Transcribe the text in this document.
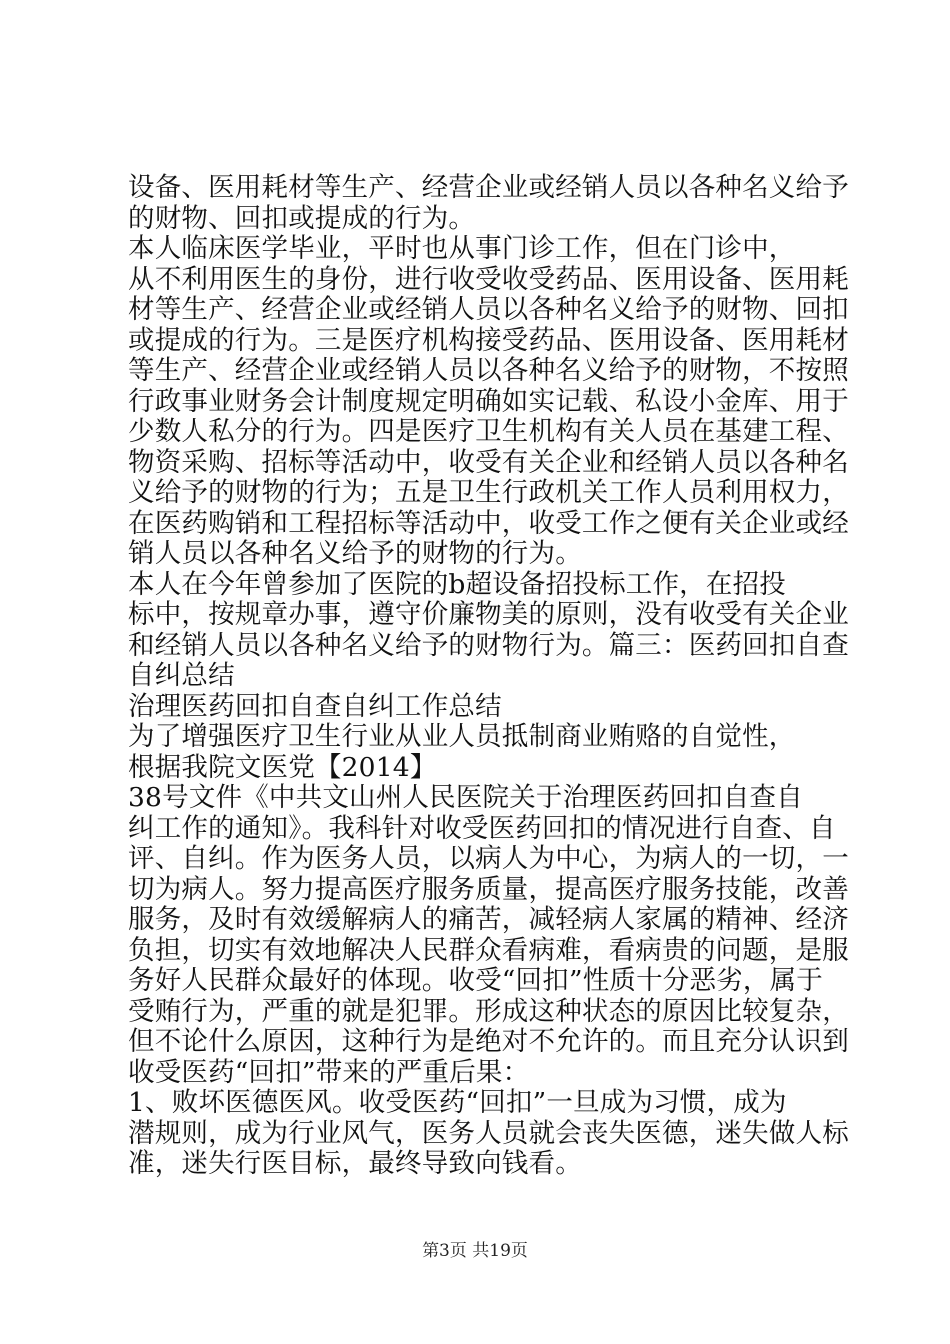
设备、医用耗材等生产、经营企业或经销人员以各种名义给予
的财物、回扣或提成的行为。
本人临床医学毕业，平时也从事门诊工作，但在门诊中，
从不利用医生的身份，进行收受收受药品、医用设备、医用耗
材等生产、经营企业或经销人员以各种名义给予的财物、回扣
或提成的行为。三是医疗机构接受药品、医用设备、医用耗材
等生产、经营企业或经销人员以各种名义给予的财物，不按照
行政事业财务会计制度规定明确如实记载、私设小金库、用于
少数人私分的行为。四是医疗卫生机构有关人员在基建工程、
物资采购、招标等活动中，收受有关企业和经销人员以各种名
义给予的财物的行为；五是卫生行政机关工作人员利用权力，
在医药购销和工程招标等活动中，收受工作之便有关企业或经
销人员以各种名义给予的财物的行为。
本人在今年曾参加了医院的b超设备招投标工作，在招投
标中，按规章办事，遵守价廉物美的原则，没有收受有关企业
和经销人员以各种名义给予的财物行为。篇三：医药回扣自查
自纠总结
治理医药回扣自查自纠工作总结
为了增强医疗卫生行业从业人员抵制商业贿赂的自觉性，
根据我院文医党【2014】
38号文件《中共文山州人民医院关于治理医药回扣自查自
纠工作的通知》。我科针对收受医药回扣的情况进行自查、自
评、自纠。作为医务人员，以病人为中心，为病人的一切，一
切为病人。努力提高医疗服务质量，提高医疗服务技能，改善
服务，及时有效缓解病人的痛苦，减轻病人家属的精神、经济
负担，切实有效地解决人民群众看病难，看病贵的问题，是服
务好人民群众最好的体现。收受“回扣”性质十分恶劣，属于
受贿行为，严重的就是犯罪。形成这种状态的原因比较复杂，
但不论什么原因，这种行为是绝对不允许的。而且充分认识到
收受医药“回扣”带来的严重后果：
1、败坏医德医风。收受医药“回扣”一旦成为习惯，成为
潜规则，成为行业风气，医务人员就会丧失医德，迷失做人标
准，迷失行医目标，最终导致向钱看。
第3页 共19页
